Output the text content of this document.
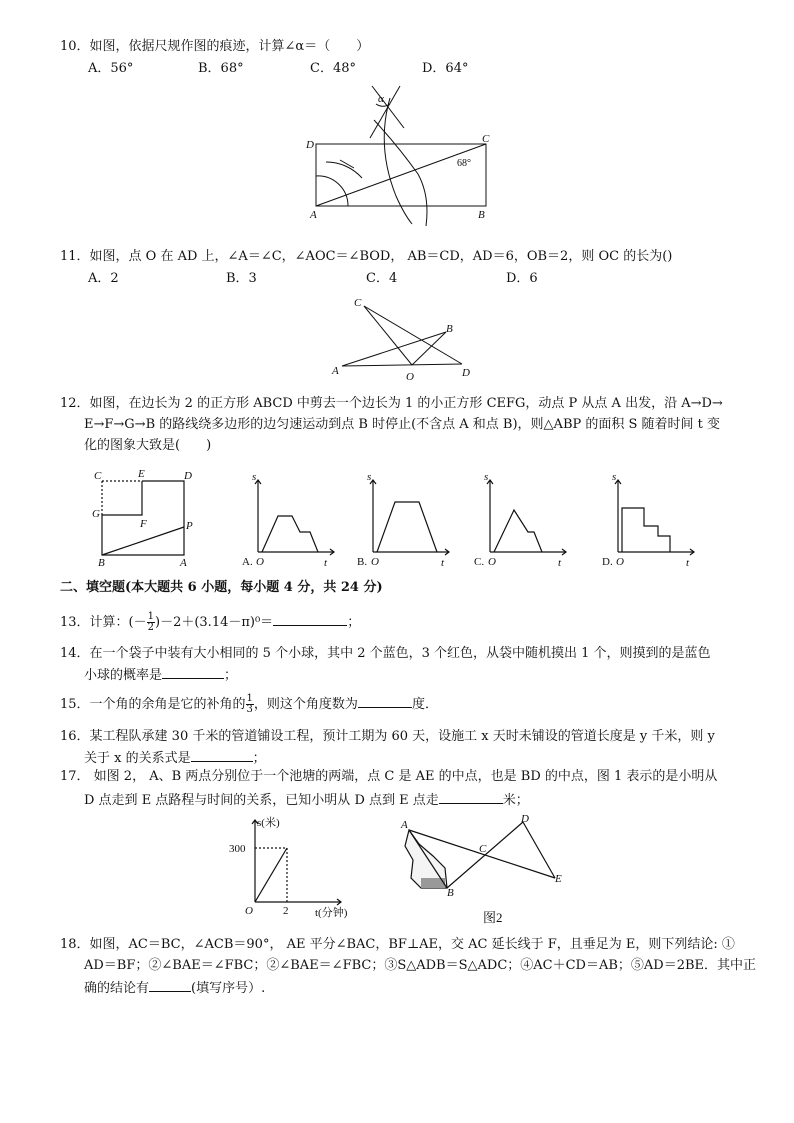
10．如图，依据尺规作图的痕迹，计算∠α＝（　　）
A．56°	B．68°	C．48°	D．64°
D	C
A	B
α
68°
11．如图，点 O 在 AD 上，∠A＝∠C，∠AOC＝∠BOD， AB＝CD，AD＝6，OB＝2，则 OC 的长为()
A．2	B．3	C．4	D．6
C
B
A	O	D
12．如图，在边长为 2 的正方形 ABCD 中剪去一个边长为 1 的小正方形 CEFG，动点 P 从点 A 出发，沿 A→D→
E→F→G→B 的路线绕多边形的边匀速运动到点 B 时停止(不含点 A 和点 B)，则△ABP 的面积 S 随着时间 t 变
化的图象大致是(　　)
C	E	D
G
F	P
B	A
s
t
A. O
s
t
B. O
s
t
C. O
s
t
D. O
二、填空题(本大题共 6 小题，每小题 4 分，共 24 分)
13．计算：(－ $\frac{1}{2} )-2+(3.14-\pi)^0=$	；
14．在一个袋子中装有大小相同的 5 个小球，其中 2 个蓝色，3 个红色，从袋中随机摸出 1 个，则摸到的是蓝色
小球的概率是	；
15．一个角的余角是它的补角的 $\frac{1}{3}$ ，则这个角度数为	度．
16．某工程队承建 30 千米的管道铺设工程，预计工期为 60 天，设施工 x 天时未铺设的管道长度是 y 千米，则 y
关于 x 的关系式是	；
17． 如图 2， A、B 两点分别位于一个池塘的两端，点 C 是 AE 的中点，也是 BD 的中点，图 1 表示的是小明从
D 点走到 E 点路程与时间的关系，已知小明从 D 点到 E 点走	米；
s(米)
300
2
O	t(分钟)
A
B
C
D
E
图2
18．如图，AC＝BC，∠ACB＝90°， AE 平分∠BAC，BF⊥AE，交 AC 延长线于 F，且垂足为 E，则下列结论: ①
AD＝BF；②∠BAE＝∠FBC；②∠BAE＝∠FBC；③S△ADB＝S△ADC；④AC＋CD＝AB；⑤AD＝2BE．其中正
确的结论有	(填写序号）.
